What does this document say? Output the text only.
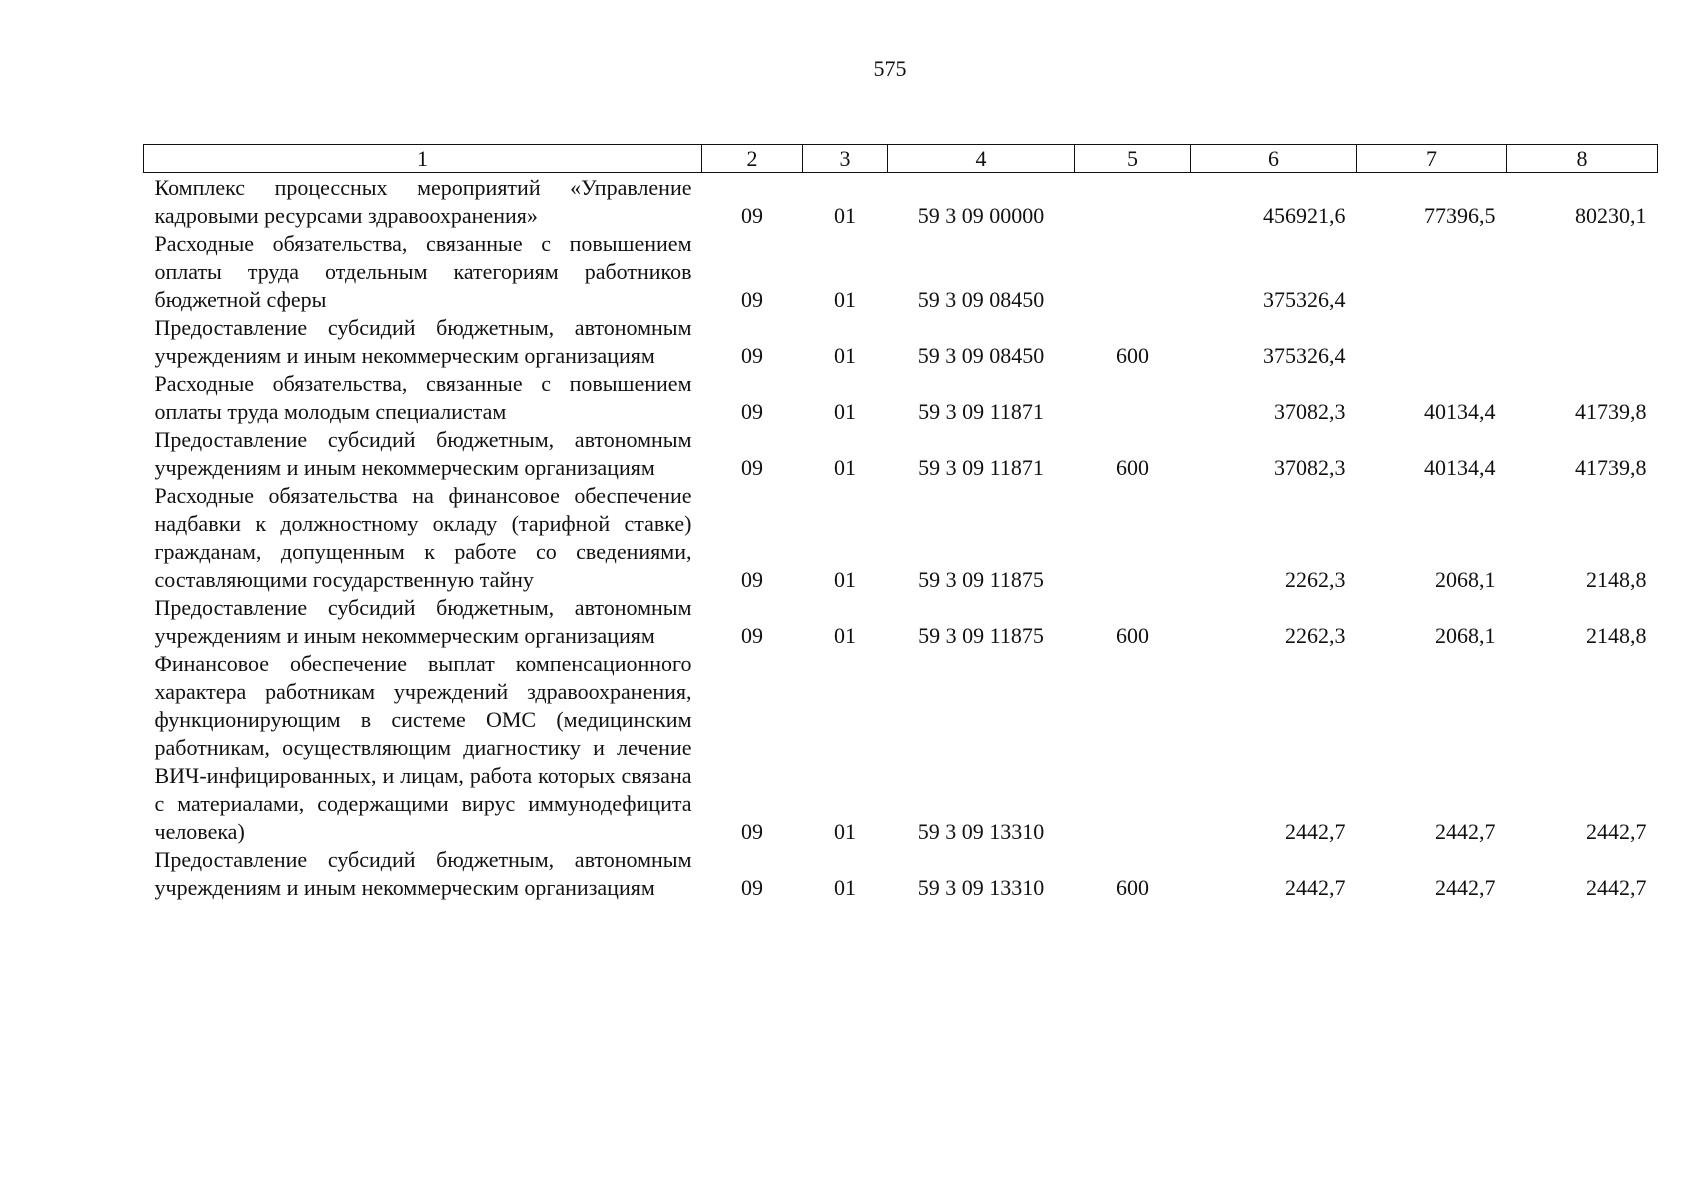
575
1	2	3	4	5	6	7	8
Комплекс процессных мероприятий «Управление кадровыми ресурсами здравоохранения»	09	01	59 3 09 00000		456921,6	77396,5	80230,1
Расходные обязательства, связанные с повышением оплаты труда отдельным категориям работников бюджетной сферы	09	01	59 3 09 08450		375326,4		
Предоставление субсидий бюджетным, автономным учреждениям и иным некоммерческим организациям	09	01	59 3 09 08450	600	375326,4		
Расходные обязательства, связанные с повышением оплаты труда молодым специалистам	09	01	59 3 09 11871		37082,3	40134,4	41739,8
Предоставление субсидий бюджетным, автономным учреждениям и иным некоммерческим организациям	09	01	59 3 09 11871	600	37082,3	40134,4	41739,8
Расходные обязательства на финансовое обеспечение надбавки к должностному окладу (тарифной ставке) гражданам, допущенным к работе со сведениями, составляющими государственную тайну	09	01	59 3 09 11875		2262,3	2068,1	2148,8
Предоставление субсидий бюджетным, автономным учреждениям и иным некоммерческим организациям	09	01	59 3 09 11875	600	2262,3	2068,1	2148,8
Финансовое обеспечение выплат компенсационного характера работникам учреждений здравоохранения, функционирующим в системе ОМС (медицинским работникам, осуществляющим диагностику и лечение ВИЧ-инфицированных, и лицам, работа которых связана с материалами, содержащими вирус иммунодефицита человека)	09	01	59 3 09 13310		2442,7	2442,7	2442,7
Предоставление субсидий бюджетным, автономным учреждениям и иным некоммерческим организациям	09	01	59 3 09 13310	600	2442,7	2442,7	2442,7
